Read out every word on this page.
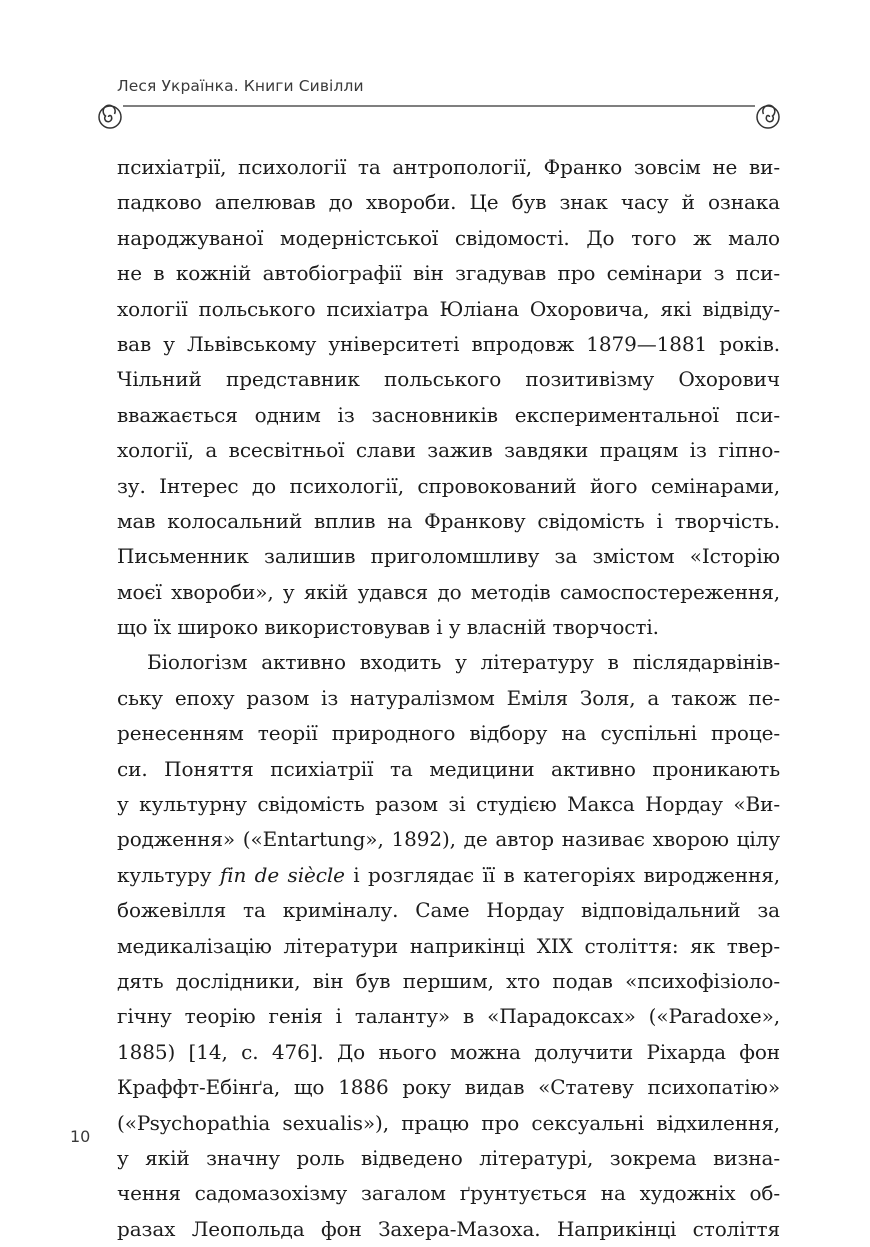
Леся Українка. Книги Сивілли
психіатрії, психології та антропології, Франко зовсім не ви-
падково апелював до хвороби. Це був знак часу й ознака
народжуваної модерністської свідомості. До того ж мало
не в кожній автобіографії він згадував про семінари з пси-
хології польського психіатра Юліана Охоровича, які відвіду-
вав у Львівському університеті впродовж 1879—1881 років.
Чільний представник польського позитивізму Охорович
вважається одним із засновників експериментальної пси-
хології, а всесвітньої слави зажив завдяки працям із гіпно-
зу. Інтерес до психології, спровокований його семінарами,
мав колосальний вплив на Франкову свідомість і творчість.
Письменник залишив приголомшливу за змістом «Історію
моєї хвороби», у якій удався до методів самоспостереження,
що їх широко використовував і у власній творчості.
Біологізм активно входить у літературу в післядарвінів-
ську епоху разом із натуралізмом Еміля Золя, а також пе-
ренесенням теорії природного відбору на суспільні проце-
си. Поняття психіатрії та медицини активно проникають
у культурну свідомість разом зі студією Макса Нордау «Ви-
родження» («Entartung», 1892), де автор називає хворою цілу
культуру fin de siècle і розглядає її в категоріях виродження,
божевілля та криміналу. Саме Нордау відповідальний за
медикалізацію літератури наприкінці XIX століття: як твер-
дять дослідники, він був першим, хто подав «психофізіоло-
гічну теорію генія і таланту» в «Парадоксах» («Paradoxe»,
1885) [14, с. 476]. До нього можна долучити Ріхарда фон
Краффт-Ебінґа, що 1886 року видав «Статеву психопатію»
(«Psychopathia sexualis»), працю про сексуальні відхилення,
у якій значну роль відведено літературі, зокрема визна-
чення садомазохізму загалом ґрунтується на художніх об-
разах Леопольда фон Захера-Мазоха. Наприкінці століття
10
